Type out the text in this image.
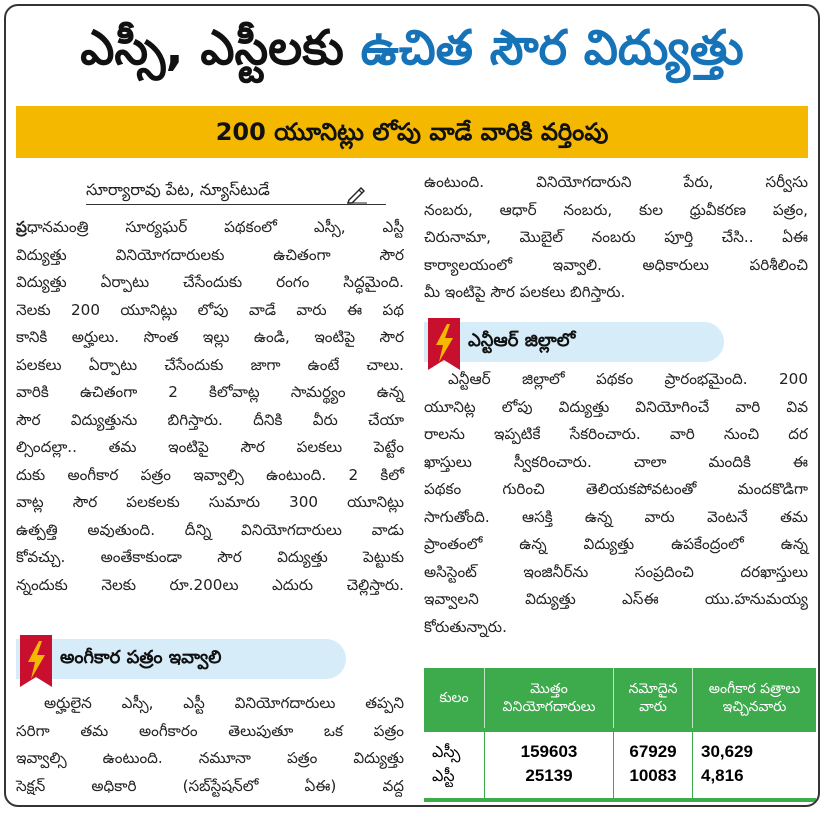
ఎస్సీ, ఎస్టీలకు ఉచిత సౌర విద్యుత్తు
200 యూనిట్లు లోపు వాడే వారికి వర్తింపు
సూర్యారావు పేట, న్యూస్‌టుడే

ప్రధానమంత్రి సూర్యఘర్ పథకంలో ఎస్సీ, ఎస్టీ

విద్యుత్తు వినియోగదారులకు ఉచితంగా సౌర

విద్యుత్తు ఏర్పాటు చేసేందుకు రంగం సిద్ధమైంది.

నెలకు 200 యూనిట్లు లోపు వాడే వారు ఈ పథ

కానికి అర్హులు. సొంత ఇల్లు ఉండి, ఇంటిపై సౌర

పలకలు ఏర్పాటు చేసేందుకు జాగా ఉంటే చాలు.

వారికి ఉచితంగా 2 కిలోవాట్ల సామర్థ్యం ఉన్న

సౌర విద్యుత్తును బిగిస్తారు. దీనికి వీరు చేయా

ల్సిందల్లా.. తమ ఇంటిపై సౌర పలకలు పెట్టేం

దుకు అంగీకార పత్రం ఇవ్వాల్సి ఉంటుంది. 2 కిలో

వాట్ల సౌర పలకలకు సుమారు 300 యూనిట్లు

ఉత్పత్తి అవుతుంది. దీన్ని వినియోగదారులు వాడు

కోవచ్చు. అంతేకాకుండా సౌర విద్యుత్తు పెట్టుకు

న్నందుకు నెలకు రూ.200లు ఎదురు చెల్లిస్తారు.

అంగీకార పత్రం ఇవ్వాలి

అర్హులైన ఎస్సీ, ఎస్టీ వినియోగదారులు తప్పని

సరిగా తమ అంగీకారం తెలుపుతూ ఒక పత్రం

ఇవ్వాల్సి ఉంటుంది. నమూనా పత్రం విద్యుత్తు

సెక్షన్ అధికారి (సబ్‌స్టేషన్‌లో ఏఈ) వద్ద

ఉంటుంది. వినియోగదారుని పేరు, సర్వీసు

నంబరు, ఆధార్ నంబరు, కుల ధ్రువీకరణ పత్రం,

చిరునామా, మొబైల్ నంబరు పూర్తి చేసి.. ఏఈ

కార్యాలయంలో ఇవ్వాలి. అధికారులు పరిశీలించి

మీ ఇంటిపై సౌర పలకలు బిగిస్తారు.

ఎన్టీఆర్ జిల్లాలో

ఎన్టీఆర్ జిల్లాలో పథకం ప్రారంభమైంది. 200

యూనిట్ల లోపు విద్యుత్తు వినియోగించే వారి వివ

రాలను ఇప్పటికే సేకరించారు. వారి నుంచి దర

ఖాస్తులు స్వీకరించారు. చాలా మందికి ఈ

పథకం గురించి తెలియకపోవటంతో మందకొడిగా

సాగుతోంది. ఆసక్తి ఉన్న వారు వెంటనే తమ

ప్రాంతంలో ఉన్న విద్యుత్తు ఉపకేంద్రంలో ఉన్న

అసిస్టెంట్ ఇంజినీర్‌ను సంప్రదించి దరఖాస్తులు

ఇవ్వాలని విద్యుత్తు ఎస్ఈ యు.హనుమయ్య

కోరుతున్నారు.

కులం	మొత్తం వినియోగదారులు	నమోదైన వారు	అంగీకార పత్రాలు ఇచ్చినవారు
ఎస్సీ	159603	67929	30,629
ఎస్టీ	25139	10083	4,816
